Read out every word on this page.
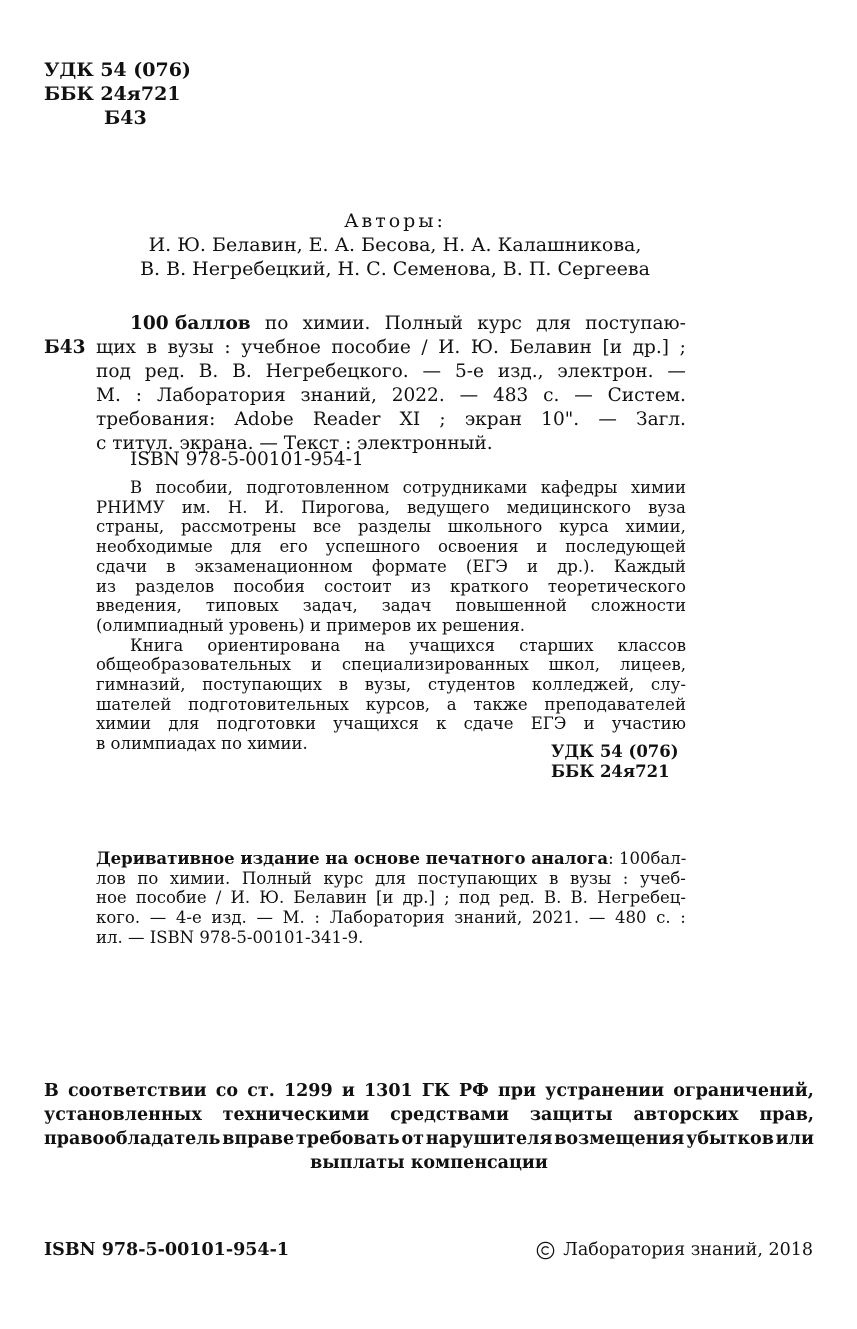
УДК 54 (076)
ББК 24я721
Б43
Авторы:
И. Ю. Белавин, Е. А. Бесова, Н. А. Калашникова,
В. В. Негребецкий, Н. С. Семенова, В. П. Сергеева
Б43
100 баллов по химии. Полный курс для поступаю-
щих в вузы : учебное пособие / И. Ю. Белавин [и др.] ;
под ред. В. В. Негребецкого. — 5-е изд., электрон. —
М. : Лаборатория знаний, 2022. — 483 с. — Систем.
требования: Adobe Reader XI ; экран 10". — Загл.
с титул. экрана. — Текст : электронный.
ISBN 978-5-00101-954-1
В пособии, подготовленном сотрудниками кафедры химии
РНИМУ им. Н. И. Пирогова, ведущего медицинского вуза
страны, рассмотрены все разделы школьного курса химии,
необходимые для его успешного освоения и последующей
сдачи в экзаменационном формате (ЕГЭ и др.). Каждый
из разделов пособия состоит из краткого теоретического
введения, типовых задач, задач повышенной сложности
(олимпиадный уровень) и примеров их решения.
Книга ориентирована на учащихся старших классов
общеобразовательных и специализированных школ, лицеев,
гимназий, поступающих в вузы, студентов колледжей, слу-
шателей подготовительных курсов, а также преподавателей
химии для подготовки учащихся к сдаче ЕГЭ и участию
в олимпиадах по химии.	УДК 54 (076)
ББК 24я721
Деривативное издание на основе печатного аналога: 100 бал-
лов по химии. Полный курс для поступающих в вузы : учеб-
ное пособие / И. Ю. Белавин [и др.] ; под ред. В. В. Негребец-
кого. — 4-е изд. — М. : Лаборатория знаний, 2021. — 480 с. :
ил. — ISBN 978-5-00101-341-9.
В соответствии со ст. 1299 и 1301 ГК РФ при устранении ограничений,
установленных техническими средствами защиты авторских прав,
правообладатель вправе требовать от нарушителя возмещения убытков или
выплаты компенсации
ISBN 978-5-00101-954-1	Лаборатория знаний, 2018
